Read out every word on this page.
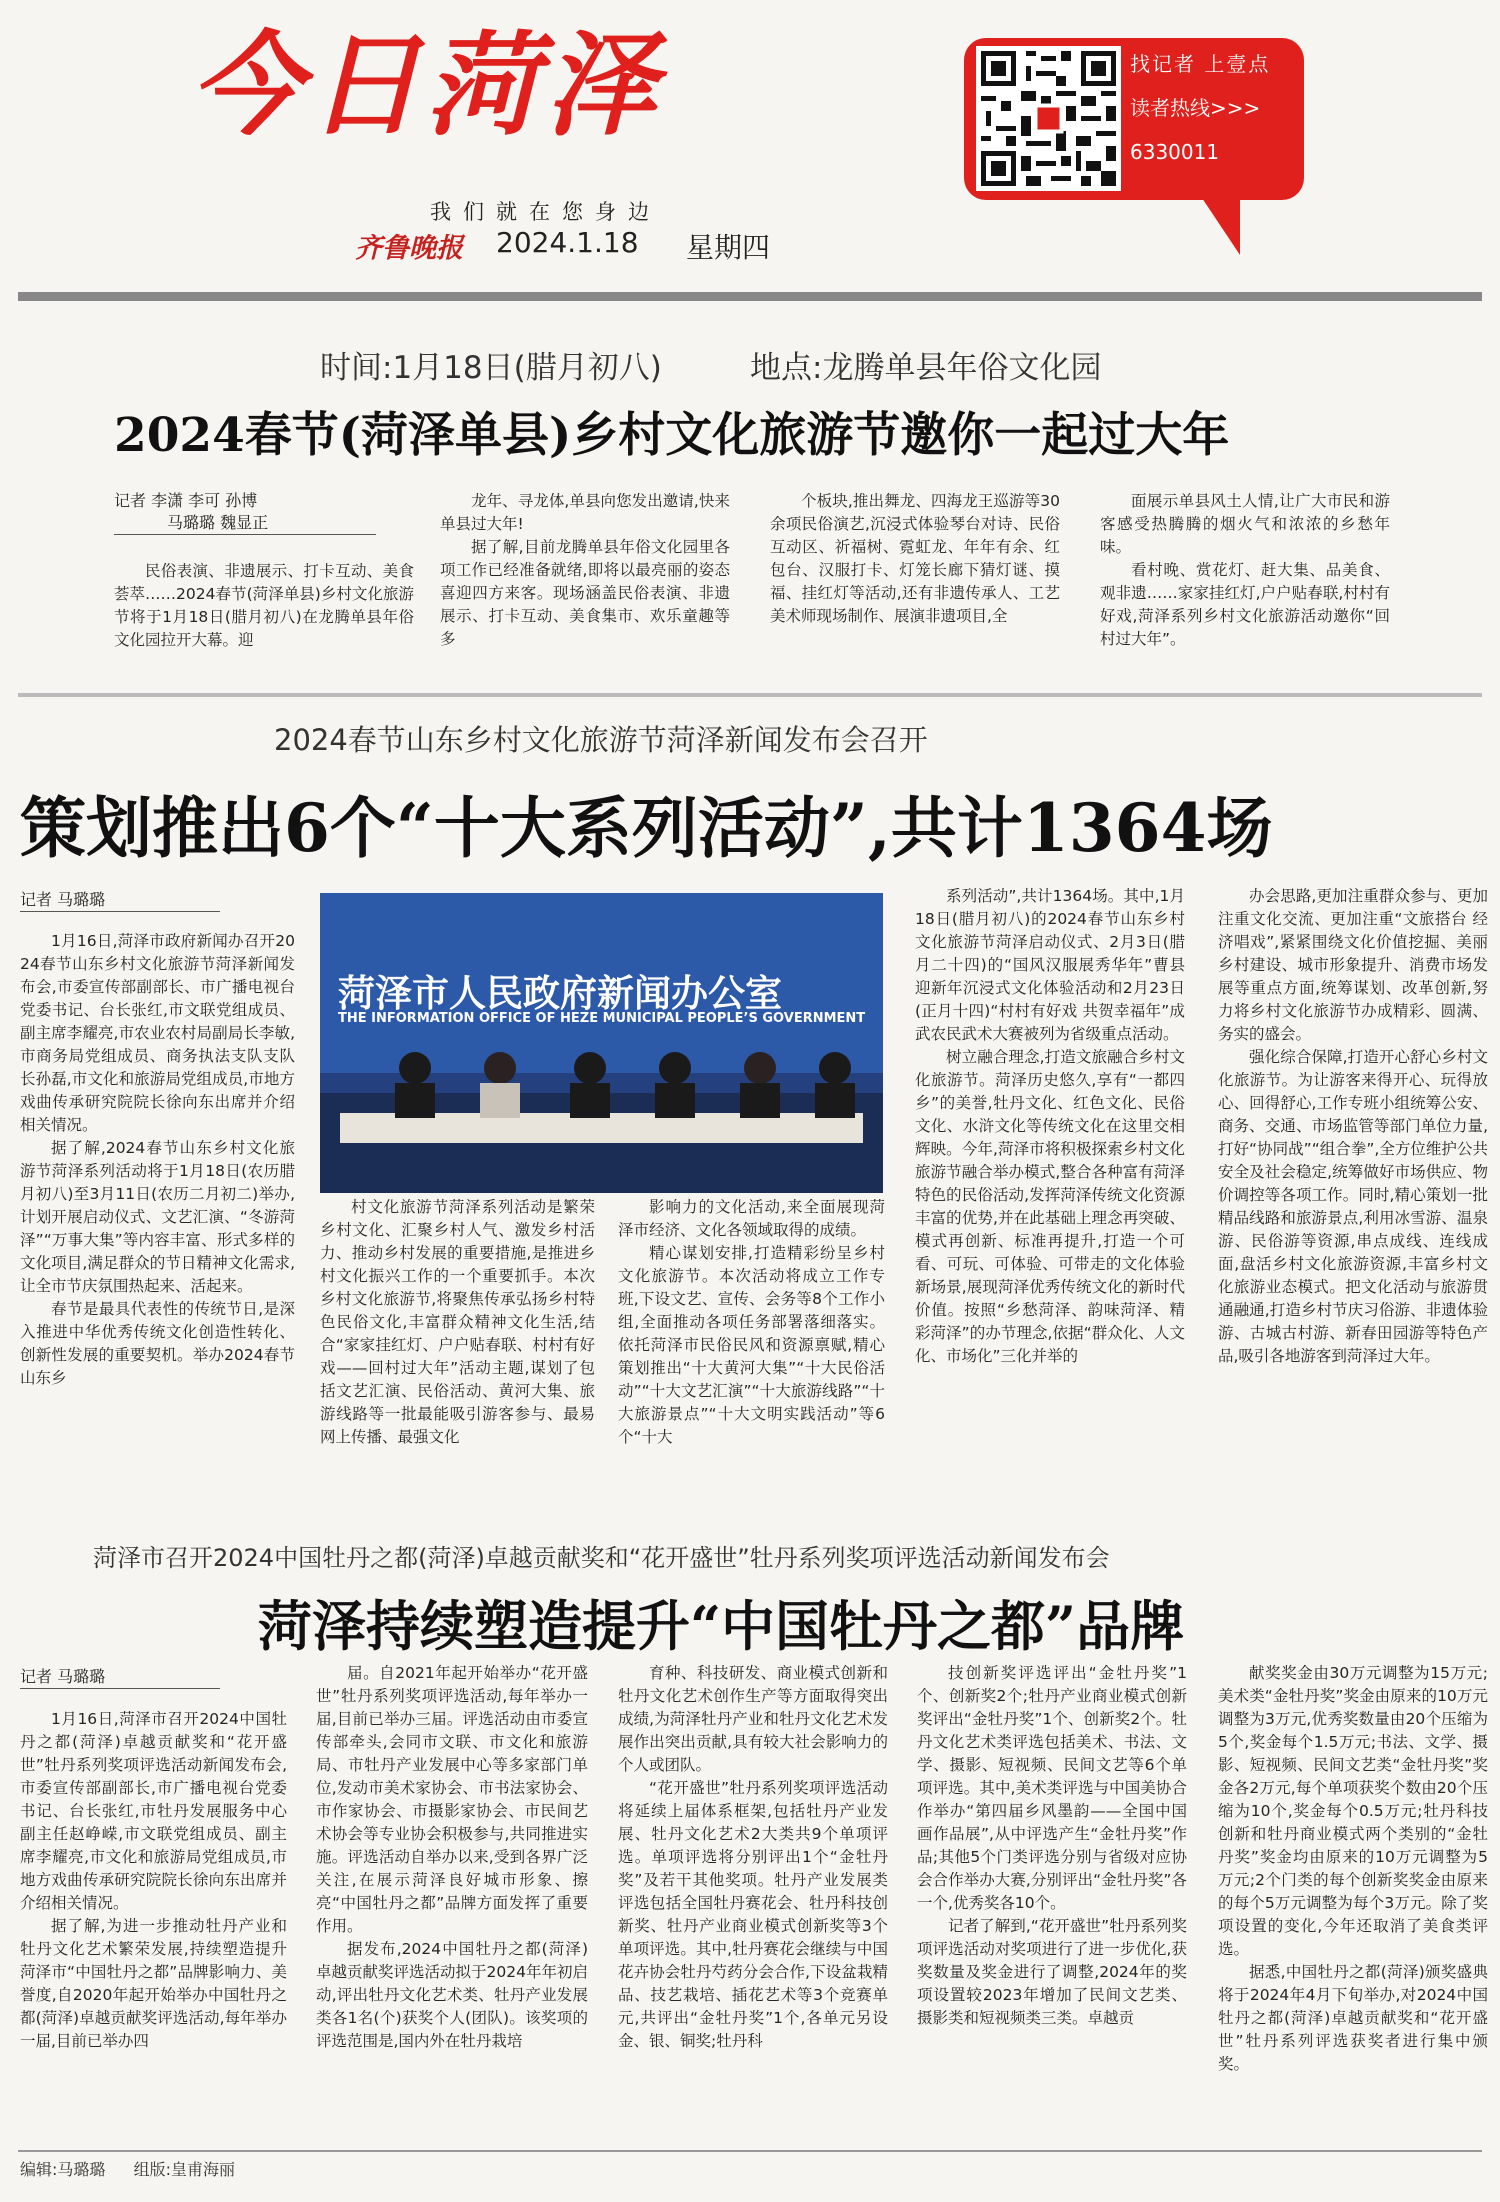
今日菏泽
我们就在您身边
齐鲁晚报 2024.1.18 星期四
找记者 上壹点
读者热线>>>
6330011
时间:1月18日(腊月初八)	地点:龙腾单县年俗文化园
2024春节(菏泽单县)乡村文化旅游节邀你一起过大年
记者 李潇 李可 孙博
马璐璐 魏显正

民俗表演、非遗展示、打卡互动、美食荟萃……2024春节(菏泽单县)乡村文化旅游节将于1月18日(腊月初八)在龙腾单县年俗文化园拉开大幕。迎

龙年、寻龙体,单县向您发出邀请,快来单县过大年!

据了解,目前龙腾单县年俗文化园里各项工作已经准备就绪,即将以最亮丽的姿态喜迎四方来客。现场涵盖民俗表演、非遗展示、打卡互动、美食集市、欢乐童趣等多

个板块,推出舞龙、四海龙王巡游等30余项民俗演艺,沉浸式体验琴台对诗、民俗互动区、祈福树、霓虹龙、年年有余、红包台、汉服打卡、灯笼长廊下猜灯谜、摸福、挂红灯等活动,还有非遗传承人、工艺美术师现场制作、展演非遗项目,全

面展示单县风土人情,让广大市民和游客感受热腾腾的烟火气和浓浓的乡愁年味。

看村晚、赏花灯、赶大集、品美食、观非遗……家家挂红灯,户户贴春联,村村有好戏,菏泽系列乡村文化旅游活动邀你“回村过大年”。

2024春节山东乡村文化旅游节菏泽新闻发布会召开
策划推出6个“十大系列活动”,共计1364场
记者 马璐璐
菏泽市人民政府新闻办公室
THE INFORMATION OFFICE OF HEZE MUNICIPAL PEOPLE’S GOVERNMENT

1月16日,菏泽市政府新闻办召开2024春节山东乡村文化旅游节菏泽新闻发布会,市委宣传部副部长、市广播电视台党委书记、台长张红,市文联党组成员、副主席李耀亮,市农业农村局副局长李敏,市商务局党组成员、商务执法支队支队长孙磊,市文化和旅游局党组成员,市地方戏曲传承研究院院长徐向东出席并介绍相关情况。

据了解,2024春节山东乡村文化旅游节菏泽系列活动将于1月18日(农历腊月初八)至3月11日(农历二月初二)举办,计划开展启动仪式、文艺汇演、“冬游菏泽”“万事大集”等内容丰富、形式多样的文化项目,满足群众的节日精神文化需求,让全市节庆氛围热起来、活起来。

春节是最具代表性的传统节日,是深入推进中华优秀传统文化创造性转化、创新性发展的重要契机。举办2024春节山东乡

村文化旅游节菏泽系列活动是繁荣乡村文化、汇聚乡村人气、激发乡村活力、推动乡村发展的重要措施,是推进乡村文化振兴工作的一个重要抓手。本次乡村文化旅游节,将聚焦传承弘扬乡村特色民俗文化,丰富群众精神文化生活,结合“家家挂红灯、户户贴春联、村村有好戏——回村过大年”活动主题,谋划了包括文艺汇演、民俗活动、黄河大集、旅游线路等一批最能吸引游客参与、最易网上传播、最强文化

影响力的文化活动,来全面展现菏泽市经济、文化各领域取得的成绩。

精心谋划安排,打造精彩纷呈乡村文化旅游节。本次活动将成立工作专班,下设文艺、宣传、会务等8个工作小组,全面推动各项任务部署落细落实。依托菏泽市民俗民风和资源禀赋,精心策划推出“十大黄河大集”“十大民俗活动”“十大文艺汇演”“十大旅游线路”“十大旅游景点”“十大文明实践活动”等6个“十大

系列活动”,共计1364场。其中,1月18日(腊月初八)的2024春节山东乡村文化旅游节菏泽启动仪式、2月3日(腊月二十四)的“国风汉服展秀华年”曹县迎新年沉浸式文化体验活动和2月23日(正月十四)“村村有好戏 共贺幸福年”成武农民武术大赛被列为省级重点活动。

树立融合理念,打造文旅融合乡村文化旅游节。菏泽历史悠久,享有“一都四乡”的美誉,牡丹文化、红色文化、民俗文化、水浒文化等传统文化在这里交相辉映。今年,菏泽市将积极探索乡村文化旅游节融合举办模式,整合各种富有菏泽特色的民俗活动,发挥菏泽传统文化资源丰富的优势,并在此基础上理念再突破、模式再创新、标准再提升,打造一个可看、可玩、可体验、可带走的文化体验新场景,展现菏泽优秀传统文化的新时代价值。按照“乡愁菏泽、韵味菏泽、精彩菏泽”的办节理念,依据“群众化、人文化、市场化”三化并举的

办会思路,更加注重群众参与、更加注重文化交流、更加注重“文旅搭台 经济唱戏”,紧紧围绕文化价值挖掘、美丽乡村建设、城市形象提升、消费市场发展等重点方面,统筹谋划、改革创新,努力将乡村文化旅游节办成精彩、圆满、务实的盛会。

强化综合保障,打造开心舒心乡村文化旅游节。为让游客来得开心、玩得放心、回得舒心,工作专班小组统筹公安、商务、交通、市场监管等部门单位力量,打好“协同战”“组合拳”,全方位维护公共安全及社会稳定,统筹做好市场供应、物价调控等各项工作。同时,精心策划一批精品线路和旅游景点,利用冰雪游、温泉游、民俗游等资源,串点成线、连线成面,盘活乡村文化旅游资源,丰富乡村文化旅游业态模式。把文化活动与旅游贯通融通,打造乡村节庆习俗游、非遗体验游、古城古村游、新春田园游等特色产品,吸引各地游客到菏泽过大年。

菏泽市召开2024中国牡丹之都(菏泽)卓越贡献奖和“花开盛世”牡丹系列奖项评选活动新闻发布会
菏泽持续塑造提升“中国牡丹之都”品牌
记者 马璐璐

1月16日,菏泽市召开2024中国牡丹之都(菏泽)卓越贡献奖和“花开盛世”牡丹系列奖项评选活动新闻发布会,市委宣传部副部长,市广播电视台党委书记、台长张红,市牡丹发展服务中心副主任赵峥嵘,市文联党组成员、副主席李耀亮,市文化和旅游局党组成员,市地方戏曲传承研究院院长徐向东出席并介绍相关情况。

据了解,为进一步推动牡丹产业和牡丹文化艺术繁荣发展,持续塑造提升菏泽市“中国牡丹之都”品牌影响力、美誉度,自2020年起开始举办中国牡丹之都(菏泽)卓越贡献奖评选活动,每年举办一届,目前已举办四

届。自2021年起开始举办“花开盛世”牡丹系列奖项评选活动,每年举办一届,目前已举办三届。评选活动由市委宣传部牵头,会同市文联、市文化和旅游局、市牡丹产业发展中心等多家部门单位,发动市美术家协会、市书法家协会、市作家协会、市摄影家协会、市民间艺术协会等专业协会积极参与,共同推进实施。评选活动自举办以来,受到各界广泛关注,在展示菏泽良好城市形象、擦亮“中国牡丹之都”品牌方面发挥了重要作用。

据发布,2024中国牡丹之都(菏泽)卓越贡献奖评选活动拟于2024年年初启动,评出牡丹文化艺术类、牡丹产业发展类各1名(个)获奖个人(团队)。该奖项的评选范围是,国内外在牡丹栽培

育种、科技研发、商业模式创新和牡丹文化艺术创作生产等方面取得突出成绩,为菏泽牡丹产业和牡丹文化艺术发展作出突出贡献,具有较大社会影响力的个人或团队。

“花开盛世”牡丹系列奖项评选活动将延续上届体系框架,包括牡丹产业发展、牡丹文化艺术2大类共9个单项评选。单项评选将分别评出1个“金牡丹奖”及若干其他奖项。牡丹产业发展类评选包括全国牡丹赛花会、牡丹科技创新奖、牡丹产业商业模式创新奖等3个单项评选。其中,牡丹赛花会继续与中国花卉协会牡丹芍药分会合作,下设盆栽精品、技艺栽培、插花艺术等3个竞赛单元,共评出“金牡丹奖”1个,各单元另设金、银、铜奖;牡丹科

技创新奖评选评出“金牡丹奖”1个、创新奖2个;牡丹产业商业模式创新奖评出“金牡丹奖”1个、创新奖2个。牡丹文化艺术类评选包括美术、书法、文学、摄影、短视频、民间文艺等6个单项评选。其中,美术类评选与中国美协合作举办“第四届乡风墨韵——全国中国画作品展”,从中评选产生“金牡丹奖”作品;其他5个门类评选分别与省级对应协会合作举办大赛,分别评出“金牡丹奖”各一个,优秀奖各10个。

记者了解到,“花开盛世”牡丹系列奖项评选活动对奖项进行了进一步优化,获奖数量及奖金进行了调整,2024年的奖项设置较2023年增加了民间文艺类、摄影类和短视频类三类。卓越贡

献奖奖金由30万元调整为15万元;美术类“金牡丹奖”奖金由原来的10万元调整为3万元,优秀奖数量由20个压缩为5个,奖金每个1.5万元;书法、文学、摄影、短视频、民间文艺类“金牡丹奖”奖金各2万元,每个单项获奖个数由20个压缩为10个,奖金每个0.5万元;牡丹科技创新和牡丹商业模式两个类别的“金牡丹奖”奖金均由原来的10万元调整为5万元;2个门类的每个创新奖奖金由原来的每个5万元调整为每个3万元。除了奖项设置的变化,今年还取消了美食类评选。

据悉,中国牡丹之都(菏泽)颁奖盛典将于2024年4月下旬举办,对2024中国牡丹之都(菏泽)卓越贡献奖和“花开盛世”牡丹系列评选获奖者进行集中颁奖。

编辑:马璐璐 组版:皇甫海丽
